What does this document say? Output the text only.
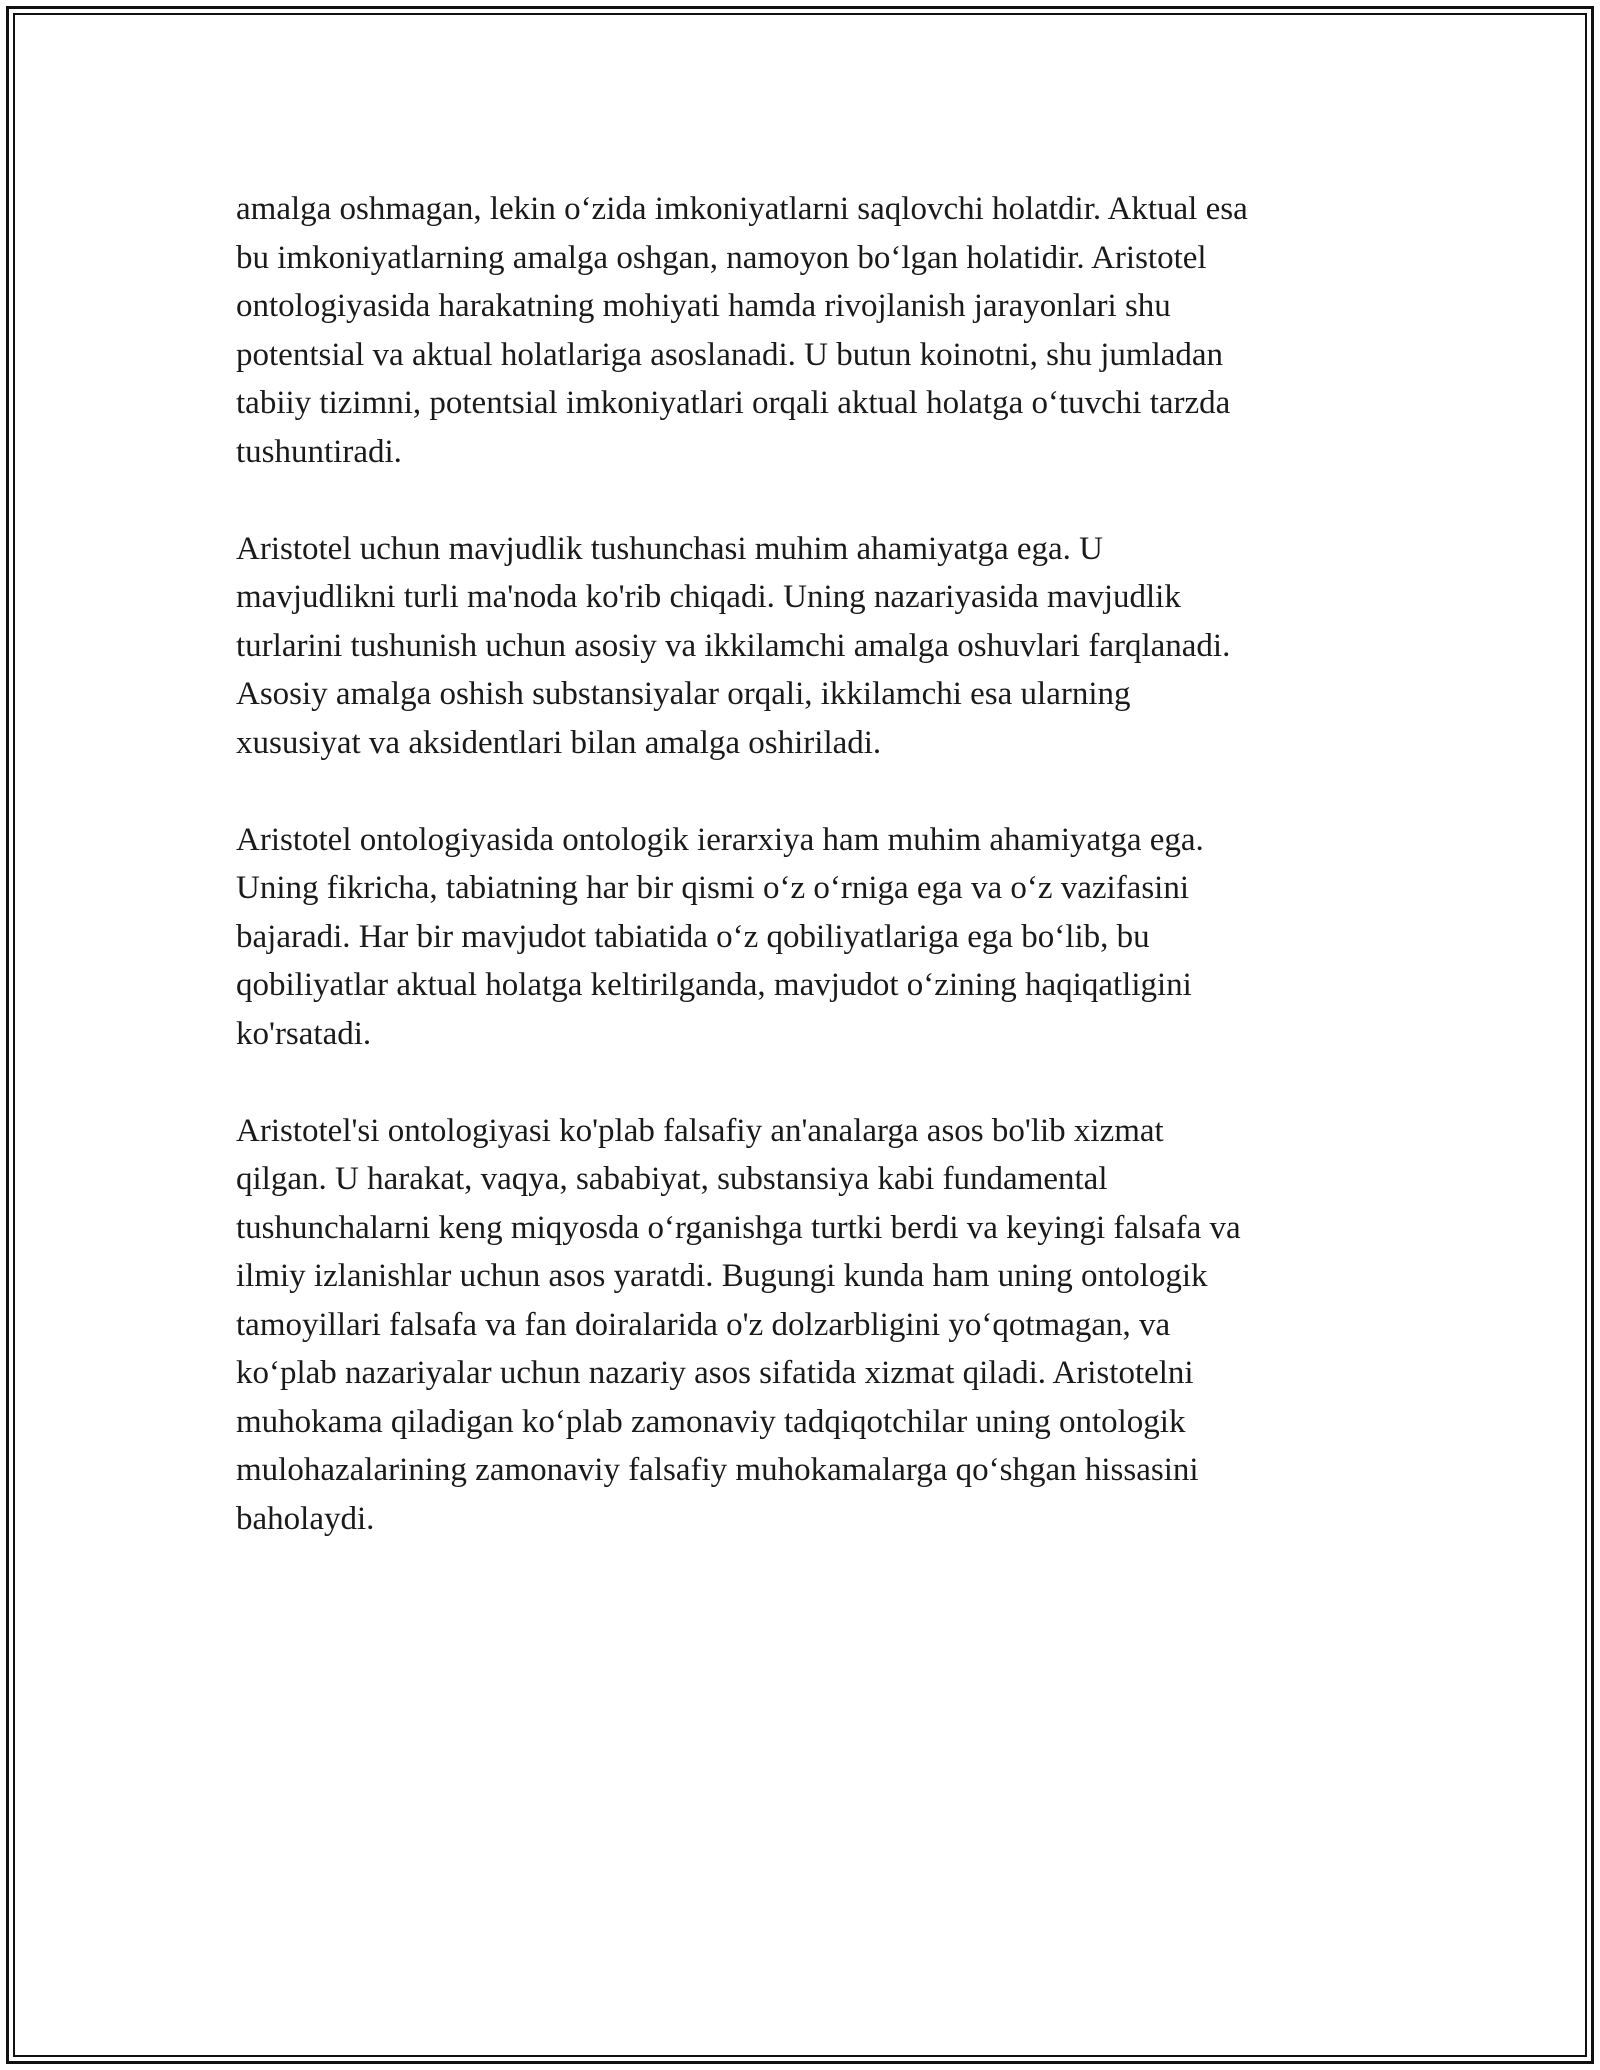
amalga oshmagan, lekin o‘zida imkoniyatlarni saqlovchi holatdir. Aktual esa
bu imkoniyatlarning amalga oshgan, namoyon bo‘lgan holatidir. Aristotel
ontologiyasida harakatning mohiyati hamda rivojlanish jarayonlari shu
potentsial va aktual holatlariga asoslanadi. U butun koinotni, shu jumladan
tabiiy tizimni, potentsial imkoniyatlari orqali aktual holatga o‘tuvchi tarzda
tushuntiradi.

Aristotel uchun mavjudlik tushunchasi muhim ahamiyatga ega. U
mavjudlikni turli ma'noda ko'rib chiqadi. Uning nazariyasida mavjudlik
turlarini tushunish uchun asosiy va ikkilamchi amalga oshuvlari farqlanadi.
Asosiy amalga oshish substansiyalar orqali, ikkilamchi esa ularning
xususiyat va aksidentlari bilan amalga oshiriladi.

Aristotel ontologiyasida ontologik ierarxiya ham muhim ahamiyatga ega.
Uning fikricha, tabiatning har bir qismi o‘z o‘rniga ega va o‘z vazifasini
bajaradi. Har bir mavjudot tabiatida o‘z qobiliyatlariga ega bo‘lib, bu
qobiliyatlar aktual holatga keltirilganda, mavjudot o‘zining haqiqatligini
ko'rsatadi.

Aristotel'si ontologiyasi ko'plab falsafiy an'analarga asos bo'lib xizmat
qilgan. U harakat, vaqya, sababiyat, substansiya kabi fundamental
tushunchalarni keng miqyosda o‘rganishga turtki berdi va keyingi falsafa va
ilmiy izlanishlar uchun asos yaratdi. Bugungi kunda ham uning ontologik
tamoyillari falsafa va fan doiralarida o'z dolzarbligini yo‘qotmagan, va
ko‘plab nazariyalar uchun nazariy asos sifatida xizmat qiladi. Aristotelni
muhokama qiladigan ko‘plab zamonaviy tadqiqotchilar uning ontologik
mulohazalarining zamonaviy falsafiy muhokamalarga qo‘shgan hissasini
baholaydi.
